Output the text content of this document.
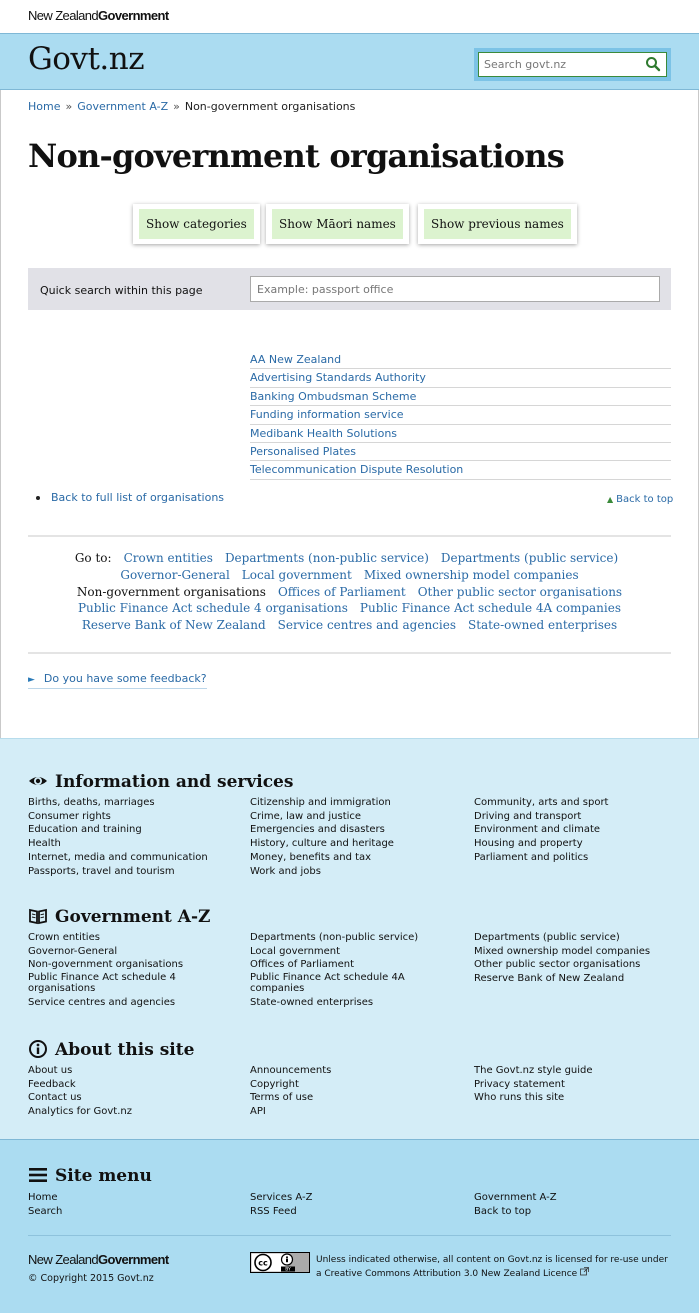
New ZealandGovernment
Govt.nz
Search govt.nz
Home » Government A-Z » Non-government organisations
Non-government organisations
Show categories	Show Māori names	Show previous names
Quick search within this page
Example: passport office
AA New Zealand
Advertising Standards Authority
Banking Ombudsman Scheme
Funding information service
Medibank Health Solutions
Personalised Plates
Telecommunication Dispute Resolution
Back to full list of organisations	▲ Back to top
Go to: Crown entities Departments (non-public service) Departments (public service)
Governor-General Local government Mixed ownership model companies
Non-government organisations Offices of Parliament Other public sector organisations
Public Finance Act schedule 4 organisations Public Finance Act schedule 4A companies
Reserve Bank of New Zealand Service centres and agencies State-owned enterprises
► Do you have some feedback?
Information and services
Births, deaths, marriages
Consumer rights
Education and training
Health
Internet, media and communication
Passports, travel and tourism
Citizenship and immigration
Crime, law and justice
Emergencies and disasters
History, culture and heritage
Money, benefits and tax
Work and jobs
Community, arts and sport
Driving and transport
Environment and climate
Housing and property
Parliament and politics
Government A-Z
Crown entities
Governor-General
Non-government organisations
Public Finance Act schedule 4 organisations
Service centres and agencies
Departments (non-public service)
Local government
Offices of Parliament
Public Finance Act schedule 4A companies
State-owned enterprises
Departments (public service)
Mixed ownership model companies
Other public sector organisations
Reserve Bank of New Zealand
About this site
About us
Feedback
Contact us
Analytics for Govt.nz
Announcements
Copyright
Terms of use
API
The Govt.nz style guide
Privacy statement
Who runs this site
Site menu
Home
Search
Services A-Z
RSS Feed
Government A-Z
Back to top
New ZealandGovernment
© Copyright 2015 Govt.nz
cc
BY
Unless indicated otherwise, all content on Govt.nz is licensed for re-use under a Creative Commons Attribution 3.0 New Zealand Licence
